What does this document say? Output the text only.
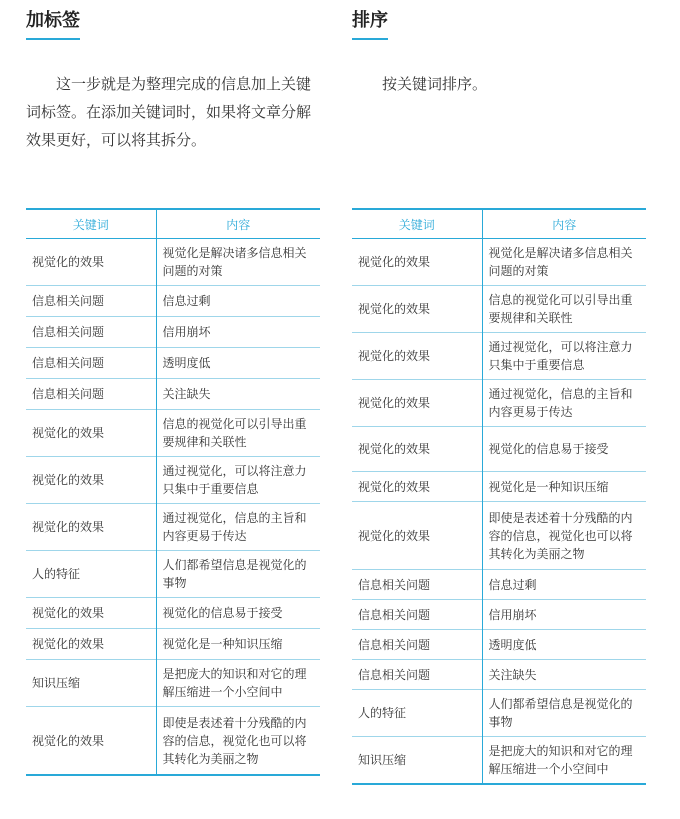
加标签

这一步就是为整理完成的信息加上关键词标签。在添加关键词时，如果将文章分解效果更好，可以将其拆分。

关键词	内容
视觉化的效果	视觉化是解决诸多信息相关问题的对策
信息相关问题	信息过剩
信息相关问题	信用崩坏
信息相关问题	透明度低
信息相关问题	关注缺失
视觉化的效果	信息的视觉化可以引导出重要规律和关联性
视觉化的效果	通过视觉化，可以将注意力只集中于重要信息
视觉化的效果	通过视觉化，信息的主旨和内容更易于传达
人的特征	人们都希望信息是视觉化的事物
视觉化的效果	视觉化的信息易于接受
视觉化的效果	视觉化是一种知识压缩
知识压缩	是把庞大的知识和对它的理解压缩进一个小空间中
视觉化的效果	即使是表述着十分残酷的内容的信息，视觉化也可以将其转化为美丽之物
排序

按关键词排序。

关键词	内容
视觉化的效果	视觉化是解决诸多信息相关问题的对策
视觉化的效果	信息的视觉化可以引导出重要规律和关联性
视觉化的效果	通过视觉化，可以将注意力只集中于重要信息
视觉化的效果	通过视觉化，信息的主旨和内容更易于传达
视觉化的效果	视觉化的信息易于接受
视觉化的效果	视觉化是一种知识压缩
视觉化的效果	即使是表述着十分残酷的内容的信息，视觉化也可以将其转化为美丽之物
信息相关问题	信息过剩
信息相关问题	信用崩坏
信息相关问题	透明度低
信息相关问题	关注缺失
人的特征	人们都希望信息是视觉化的事物
知识压缩	是把庞大的知识和对它的理解压缩进一个小空间中
